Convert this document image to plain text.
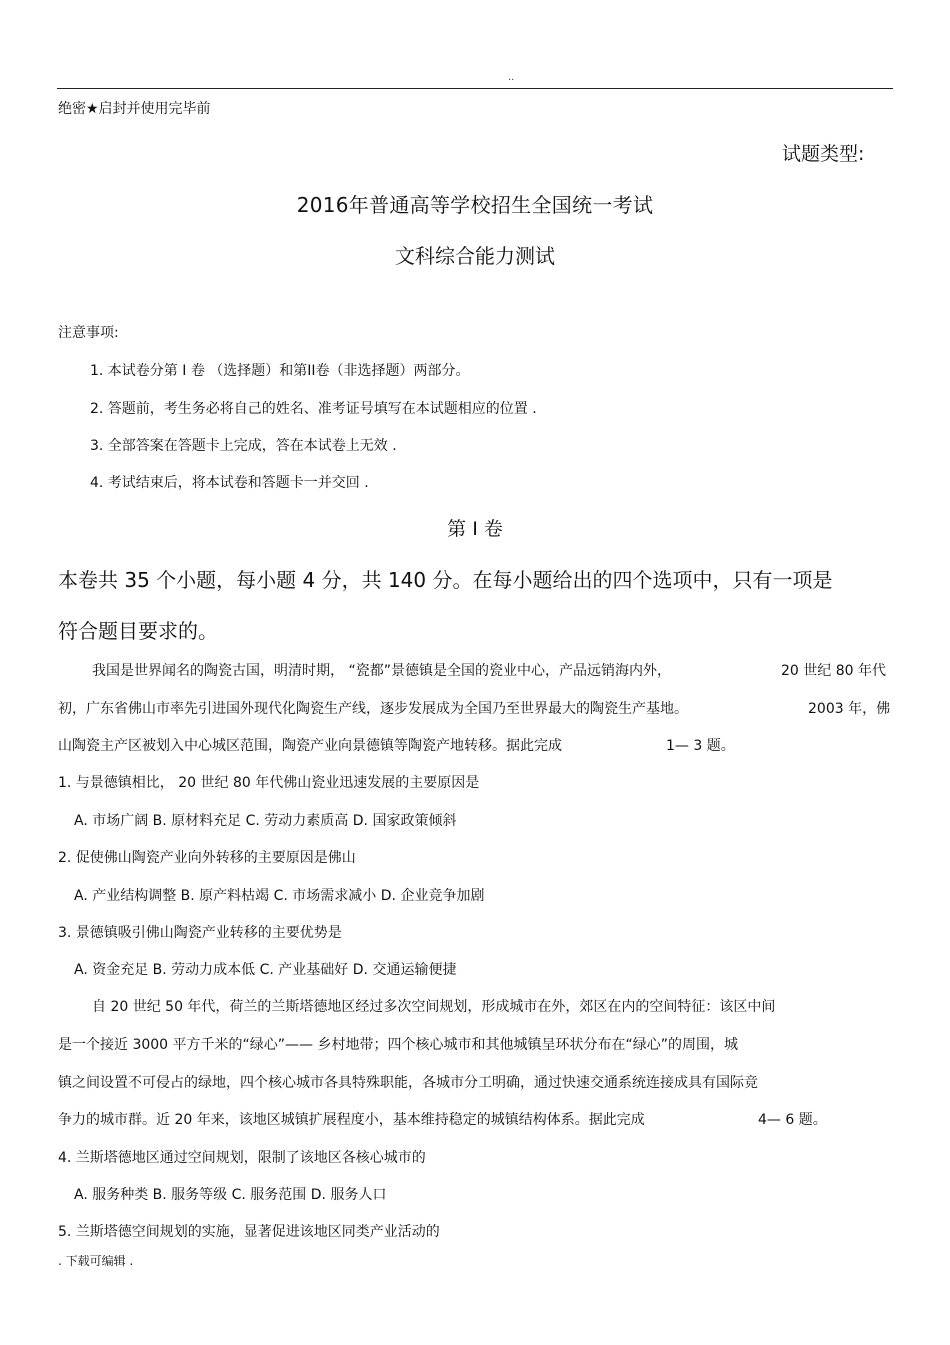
..
绝密★启封并使用完毕前
试题类型:
2016年普通高等学校招生全国统一考试
文科综合能力测试
注意事项:
1. 本试卷分第 I 卷 （选择题）和第II卷（非选择题）两部分。
2. 答题前，考生务必将自己的姓名、准考证号填写在本试题相应的位置 .
3. 全部答案在答题卡上完成，答在本试卷上无效 .
4. 考试结束后，将本试卷和答题卡一并交回 .
第 I 卷
本卷共 35 个小题，每小题 4 分，共 140 分。在每小题给出的四个选项中，只有一项是
符合题目要求的。
我国是世界闻名的陶瓷古国，明清时期， “瓷都”景德镇是全国的瓷业中心，产品远销海内外，	20 世纪 80 年代
初，广东省佛山市率先引进国外现代化陶瓷生产线，逐步发展成为全国乃至世界最大的陶瓷生产基地。	2003 年，佛
山陶瓷主产区被划入中心城区范围，陶瓷产业向景德镇等陶瓷产地转移。据此完成	1— 3 题。
1. 与景德镇相比， 20 世纪 80 年代佛山瓷业迅速发展的主要原因是
A. 市场广阔 B. 原材料充足 C. 劳动力素质高 D. 国家政策倾斜
2. 促使佛山陶瓷产业向外转移的主要原因是佛山
A. 产业结构调整 B. 原产料枯竭 C. 市场需求减小 D. 企业竞争加剧
3. 景德镇吸引佛山陶瓷产业转移的主要优势是
A. 资金充足 B. 劳动力成本低 C. 产业基础好 D. 交通运输便捷
自 20 世纪 50 年代，荷兰的兰斯塔德地区经过多次空间规划，形成城市在外，郊区在内的空间特征：该区中间
是一个接近 3000 平方千米的“绿心”—— 乡村地带；四个核心城市和其他城镇呈环状分布在“绿心”的周围，城
镇之间设置不可侵占的绿地，四个核心城市各具特殊职能，各城市分工明确，通过快速交通系统连接成具有国际竞
争力的城市群。近 20 年来，该地区城镇扩展程度小，基本维持稳定的城镇结构体系。据此完成	4— 6 题。
4. 兰斯塔德地区通过空间规划，限制了该地区各核心城市的
A. 服务种类 B. 服务等级 C. 服务范围 D. 服务人口
5. 兰斯塔德空间规划的实施，显著促进该地区同类产业活动的
. 下载可编辑 .
